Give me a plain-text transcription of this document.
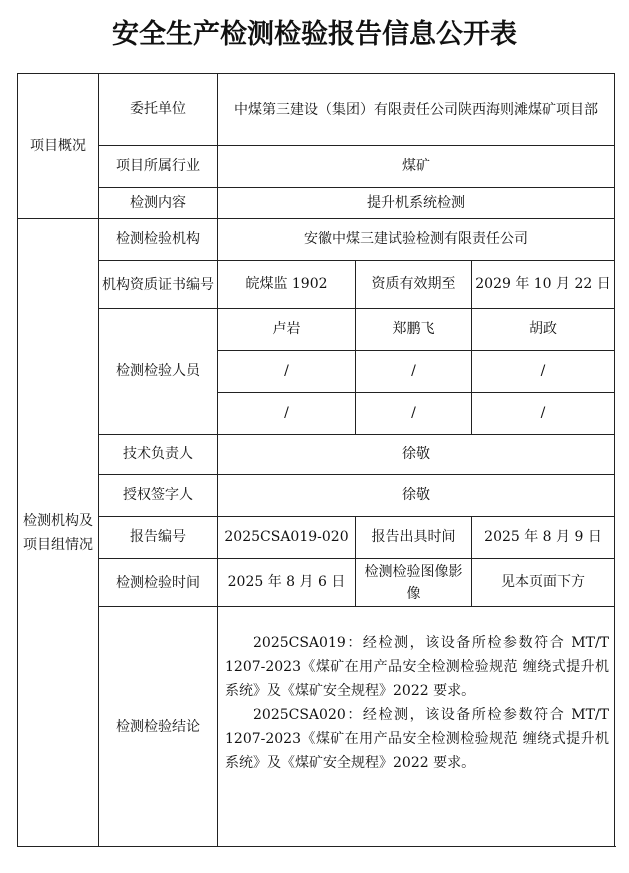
安全生产检测检验报告信息公开表
项目概况	委托单位	中煤第三建设（集团）有限责任公司陕西海则滩煤矿项目部		
	项目所属行业	煤矿		
	检测内容	提升机系统检测		
检测机构及项目组情况	检测检验机构	安徽中煤三建试验检测有限责任公司		
	机构资质证书编号	皖煤监 1902	资质有效期至	2029 年 10 月 22 日
	检测检验人员	卢岩	郑鹏飞	胡政
		/	/	/
		/	/	/
	技术负责人	徐敬		
	授权签字人	徐敬		
	报告编号	2025CSA019-020	报告出具时间	2025 年 8 月 9 日
	检测检验时间	2025 年 8 月 6 日	检测检验图像影像	见本页面下方
	检测检验结论	2025CSA019：经检测，该设备所检参数符合 MT/T 1207-2023《煤矿在用产品安全检测检验规范 缠绕式提升机系统》及《煤矿安全规程》2022 要求。

2025CSA020：经检测，该设备所检参数符合 MT/T 1207-2023《煤矿在用产品安全检测检验规范 缠绕式提升机系统》及《煤矿安全规程》2022 要求。		
